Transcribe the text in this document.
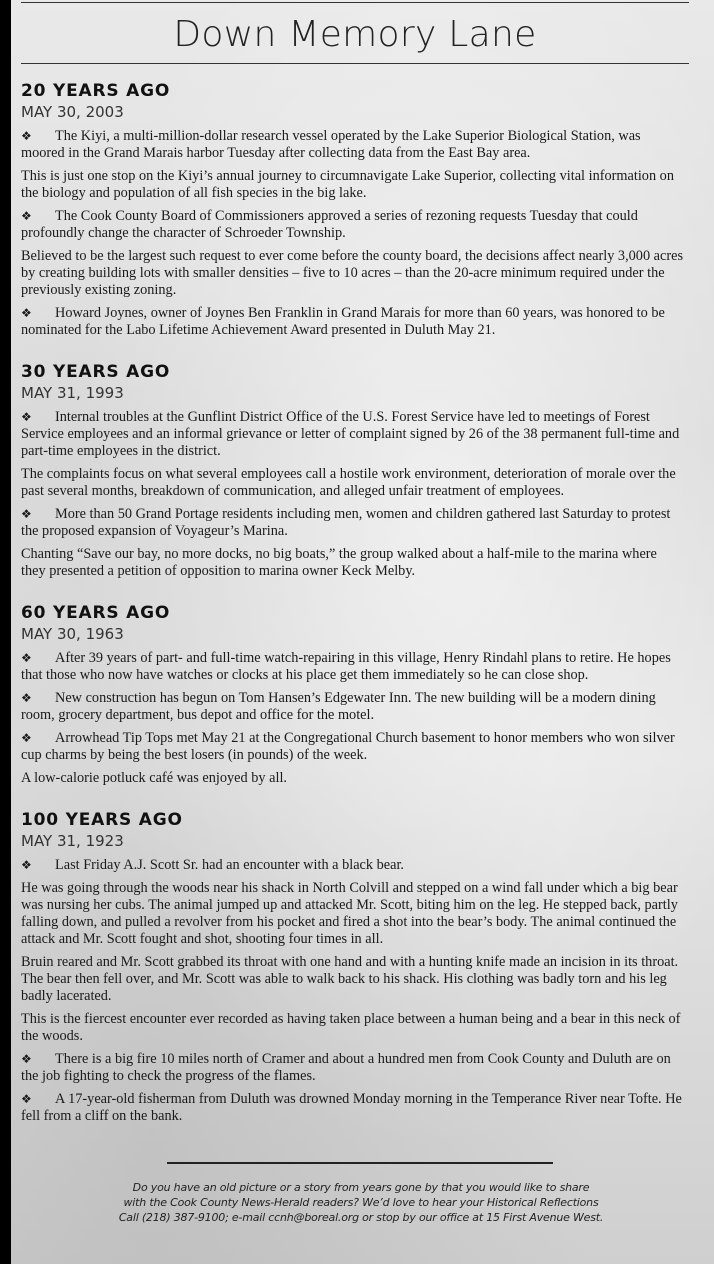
Down Memory Lane
20 YEARS AGO
MAY 30, 2003

❖ The Kiyi, a multi-million-dollar research vessel operated by the Lake Superior Biological Station, was moored in the Grand Marais harbor Tuesday after collecting data from the East Bay area.

This is just one stop on the Kiyi’s annual journey to circumnavigate Lake Superior, collecting vital information on the biology and population of all fish species in the big lake.

❖ The Cook County Board of Commissioners approved a series of rezoning requests Tuesday that could profoundly change the character of Schroeder Township.

Believed to be the largest such request to ever come before the county board, the decisions affect nearly 3,000 acres by creating building lots with smaller densities – five to 10 acres – than the 20-acre minimum required under the previously existing zoning.

❖ Howard Joynes, owner of Joynes Ben Franklin in Grand Marais for more than 60 years, was honored to be nominated for the Labo Lifetime Achievement Award presented in Duluth May 21.

30 YEARS AGO
MAY 31, 1993

❖ Internal troubles at the Gunflint District Office of the U.S. Forest Service have led to meetings of Forest Service employees and an informal grievance or letter of complaint signed by 26 of the 38 permanent full-time and part-time employees in the district.

The complaints focus on what several employees call a hostile work environment, deterioration of morale over the past several months, breakdown of communication, and alleged unfair treatment of employees.

❖ More than 50 Grand Portage residents including men, women and children gathered last Saturday to protest the proposed expansion of Voyageur’s Marina.

Chanting “Save our bay, no more docks, no big boats,” the group walked about a half-mile to the marina where they presented a petition of opposition to marina owner Keck Melby.

60 YEARS AGO
MAY 30, 1963

❖ After 39 years of part- and full-time watch-repairing in this village, Henry Rindahl plans to retire. He hopes that those who now have watches or clocks at his place get them immediately so he can close shop.

❖ New construction has begun on Tom Hansen’s Edgewater Inn. The new building will be a modern dining room, grocery department, bus depot and office for the motel.

❖ Arrowhead Tip Tops met May 21 at the Congregational Church basement to honor members who won silver cup charms by being the best losers (in pounds) of the week.

A low-calorie potluck café was enjoyed by all.

100 YEARS AGO
MAY 31, 1923

❖ Last Friday A.J. Scott Sr. had an encounter with a black bear.

He was going through the woods near his shack in North Colvill and stepped on a wind fall under which a big bear was nursing her cubs. The animal jumped up and attacked Mr. Scott, biting him on the leg. He stepped back, partly falling down, and pulled a revolver from his pocket and fired a shot into the bear’s body. The animal continued the attack and Mr. Scott fought and shot, shooting four times in all.

Bruin reared and Mr. Scott grabbed its throat with one hand and with a hunting knife made an incision in its throat. The bear then fell over, and Mr. Scott was able to walk back to his shack. His clothing was badly torn and his leg badly lacerated.

This is the fiercest encounter ever recorded as having taken place between a human being and a bear in this neck of the woods.

❖ There is a big fire 10 miles north of Cramer and about a hundred men from Cook County and Duluth are on the job fighting to check the progress of the flames.

❖ A 17-year-old fisherman from Duluth was drowned Monday morning in the Temperance River near Tofte. He fell from a cliff on the bank.

Do you have an old picture or a story from years gone by that you would like to share
with the Cook County News-Herald readers? We’d love to hear your Historical Reflections
Call (218) 387-9100; e-mail ccnh@boreal.org or stop by our office at 15 First Avenue West.
